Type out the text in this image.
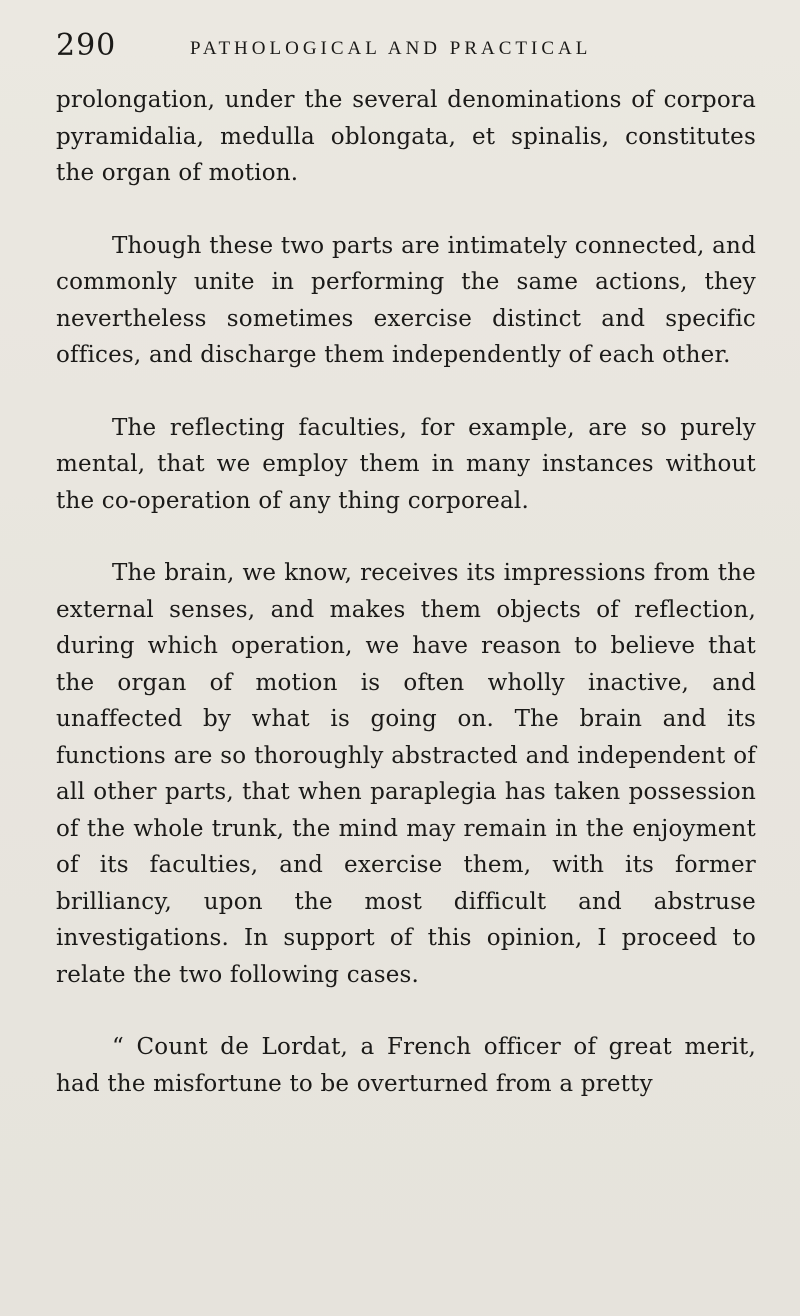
290	PATHOLOGICAL AND PRACTICAL

prolongation, under the several denominations of corpora pyramidalia, medulla oblongata, et spinalis, constitutes the organ of motion.

Though these two parts are intimately connected, and commonly unite in performing the same actions, they nevertheless sometimes exercise distinct and specific offices, and discharge them independently of each other.

The reflecting faculties, for example, are so purely mental, that we employ them in many instances without the co-operation of any thing corporeal.

The brain, we know, receives its impressions from the external senses, and makes them objects of reflection, during which operation, we have reason to believe that the organ of motion is often wholly inactive, and unaffected by what is going on. The brain and its functions are so thoroughly abstracted and independent of all other parts, that when paraplegia has taken possession of the whole trunk, the mind may remain in the enjoyment of its faculties, and exercise them, with its former brilliancy, upon the most difficult and abstruse investigations. In support of this opinion, I proceed to relate the two following cases.

“ Count de Lordat, a French officer of great merit, had the misfortune to be overturned from a pretty
